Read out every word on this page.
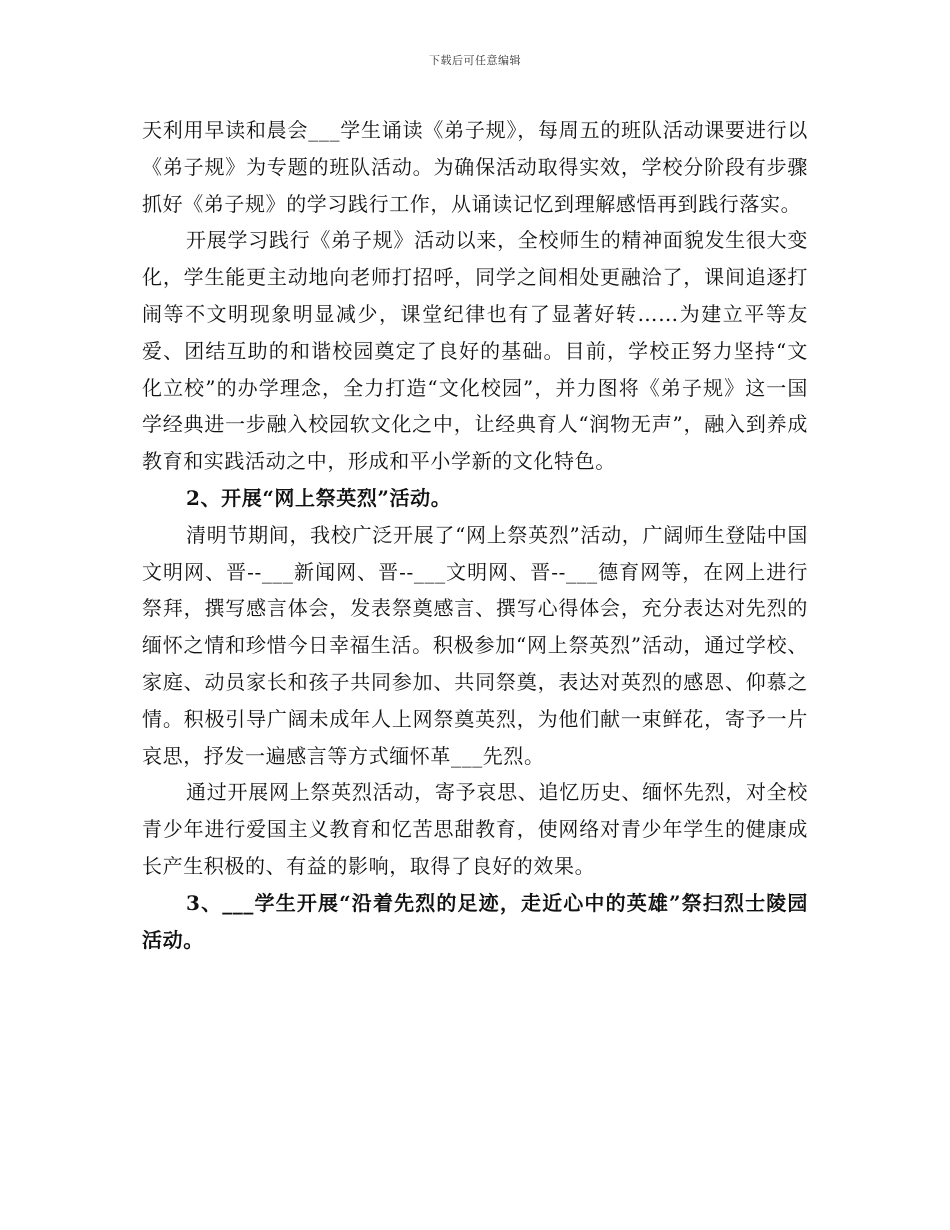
下载后可任意编辑

天利用早读和晨会___学生诵读《弟子规》，每周五的班队活动课要进行以《弟子规》为专题的班队活动。为确保活动取得实效，学校分阶段有步骤抓好《弟子规》的学习践行工作，从诵读记忆到理解感悟再到践行落实。

开展学习践行《弟子规》活动以来，全校师生的精神面貌发生很大变化，学生能更主动地向老师打招呼，同学之间相处更融洽了，课间追逐打闹等不文明现象明显减少，课堂纪律也有了显著好转……为建立平等友爱、团结互助的和谐校园奠定了良好的基础。目前，学校正努力坚持“文化立校”的办学理念，全力打造“文化校园”，并力图将《弟子规》这一国学经典进一步融入校园软文化之中，让经典育人“润物无声”，融入到养成教育和实践活动之中，形成和平小学新的文化特色。

2、开展“网上祭英烈”活动。

清明节期间，我校广泛开展了“网上祭英烈”活动，广阔师生登陆中国文明网、晋--___新闻网、晋--___文明网、晋--___德育网等，在网上进行祭拜，撰写感言体会，发表祭奠感言、撰写心得体会，充分表达对先烈的缅怀之情和珍惜今日幸福生活。积极参加“网上祭英烈”活动，通过学校、家庭、动员家长和孩子共同参加、共同祭奠，表达对英烈的感恩、仰慕之情。积极引导广阔未成年人上网祭奠英烈，为他们献一束鲜花，寄予一片哀思，抒发一遍感言等方式缅怀革___先烈。

通过开展网上祭英烈活动，寄予哀思、追忆历史、缅怀先烈，对全校青少年进行爱国主义教育和忆苦思甜教育，使网络对青少年学生的健康成长产生积极的、有益的影响，取得了良好的效果。

3、___学生开展“沿着先烈的足迹，走近心中的英雄”祭扫烈士陵园活动。
